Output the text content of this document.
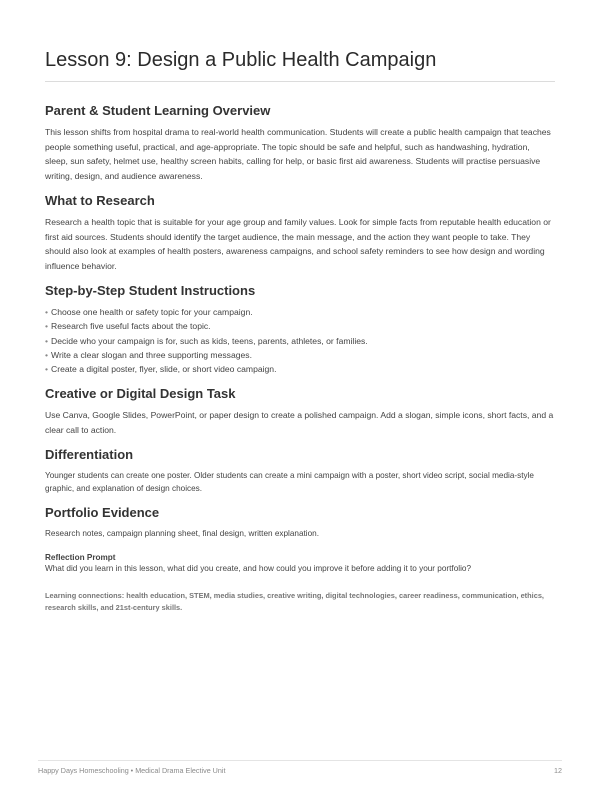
Lesson 9: Design a Public Health Campaign
Parent & Student Learning Overview

This lesson shifts from hospital drama to real-world health communication. Students will create a public health campaign that teaches people something useful, practical, and age-appropriate. The topic should be safe and helpful, such as handwashing, hydration, sleep, sun safety, helmet use, healthy screen habits, calling for help, or basic first aid awareness. Students will practise persuasive writing, design, and audience awareness.

What to Research

Research a health topic that is suitable for your age group and family values. Look for simple facts from reputable health education or first aid sources. Students should identify the target audience, the main message, and the action they want people to take. They should also look at examples of health posters, awareness campaigns, and school safety reminders to see how design and wording influence behavior.

Step-by-Step Student Instructions
• Choose one health or safety topic for your campaign.
• Research five useful facts about the topic.
• Decide who your campaign is for, such as kids, teens, parents, athletes, or families.
• Write a clear slogan and three supporting messages.
• Create a digital poster, flyer, slide, or short video campaign.
Creative or Digital Design Task

Use Canva, Google Slides, PowerPoint, or paper design to create a polished campaign. Add a slogan, simple icons, short facts, and a clear call to action.

Differentiation

Younger students can create one poster. Older students can create a mini campaign with a poster, short video script, social media-style graphic, and explanation of design choices.

Portfolio Evidence

Research notes, campaign planning sheet, final design, written explanation.

Reflection Prompt
What did you learn in this lesson, what did you create, and how could you improve it before adding it to your portfolio?
Learning connections: health education, STEM, media studies, creative writing, digital technologies, career readiness, communication, ethics, research skills, and 21st-century skills.
Happy Days Homeschooling • Medical Drama Elective Unit	12
